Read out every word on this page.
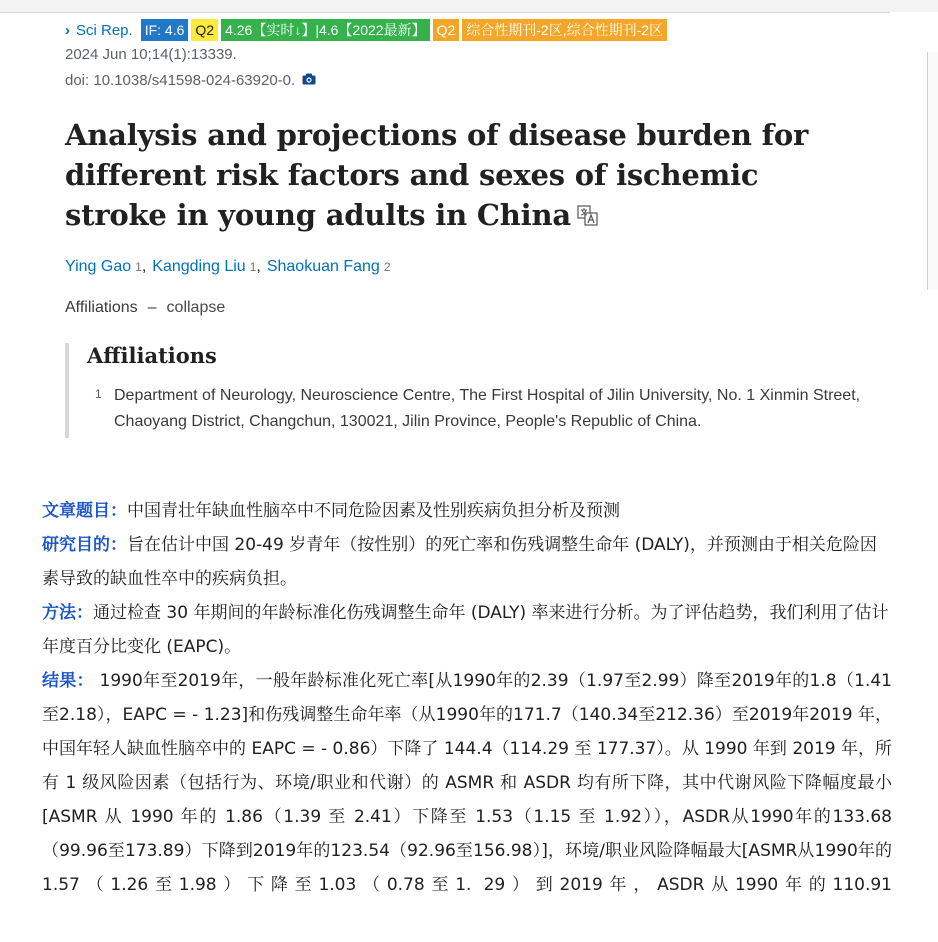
› Sci Rep. IF: 4.6 Q2 4.26【实时↓】|4.6【2022最新】 Q2 综合性期刊-2区,综合性期刊-2区
2024 Jun 10;14(1):13339.
doi: 10.1038/s41598-024-63920-0.
Analysis and projections of disease burden for different risk factors and sexes of ischemic stroke in young adults in China
Ying Gao 1 , Kangding Liu 1 , Shaokuan Fang 2
Affiliations – collapse
Affiliations
1 Department of Neurology, Neuroscience Centre, The First Hospital of Jilin University, No. 1 Xinmin Street, Chaoyang District, Changchun, 130021, Jilin Province, People's Republic of China.

文章题目：中国青壮年缺血性脑卒中不同危险因素及性别疾病负担分析及预测

研究目的：旨在估计中国 20-49 岁青年（按性别）的死亡率和伤残调整生命年 (DALY)，并预测由于相关危险因素导致的缺血性卒中的疾病负担。

方法：通过检查 30 年期间的年龄标准化伤残调整生命年 (DALY) 率来进行分析。为了评估趋势，我们利用了估计年度百分比变化 (EAPC)。

结果： 1990年至2019年，一般年龄标准化死亡率[从1990年的2.39（1.97至2.99）降至2019年的1.8（1.41至2.18），EAPC = - 1.23]和伤残调整生命年率（从1990年的171.7（140.34至212.36）至2019年2019 年，中国年轻人缺血性脑卒中的 EAPC = - 0.86）下降了 144.4（114.29 至 177.37）。从 1990 年到 2019 年，所有 1 级风险因素（包括行为、环境/职业和代谢）的 ASMR 和 ASDR 均有所下降，其中代谢风险下降幅度最小 [ASMR 从 1990 年的 1.86（1.39 至 2.41）下降至 1.53（1.15 至 1.92）），ASDR从1990年的133.68（99.96至173.89）下降到2019年的123.54（92.96至156.98）]，环境/职业风险降幅最大[ASMR从1990年的1.57（1.26至1.98）下降至1.03（0.78至1. 29）到2019年，ASDR从1990年的110.91
